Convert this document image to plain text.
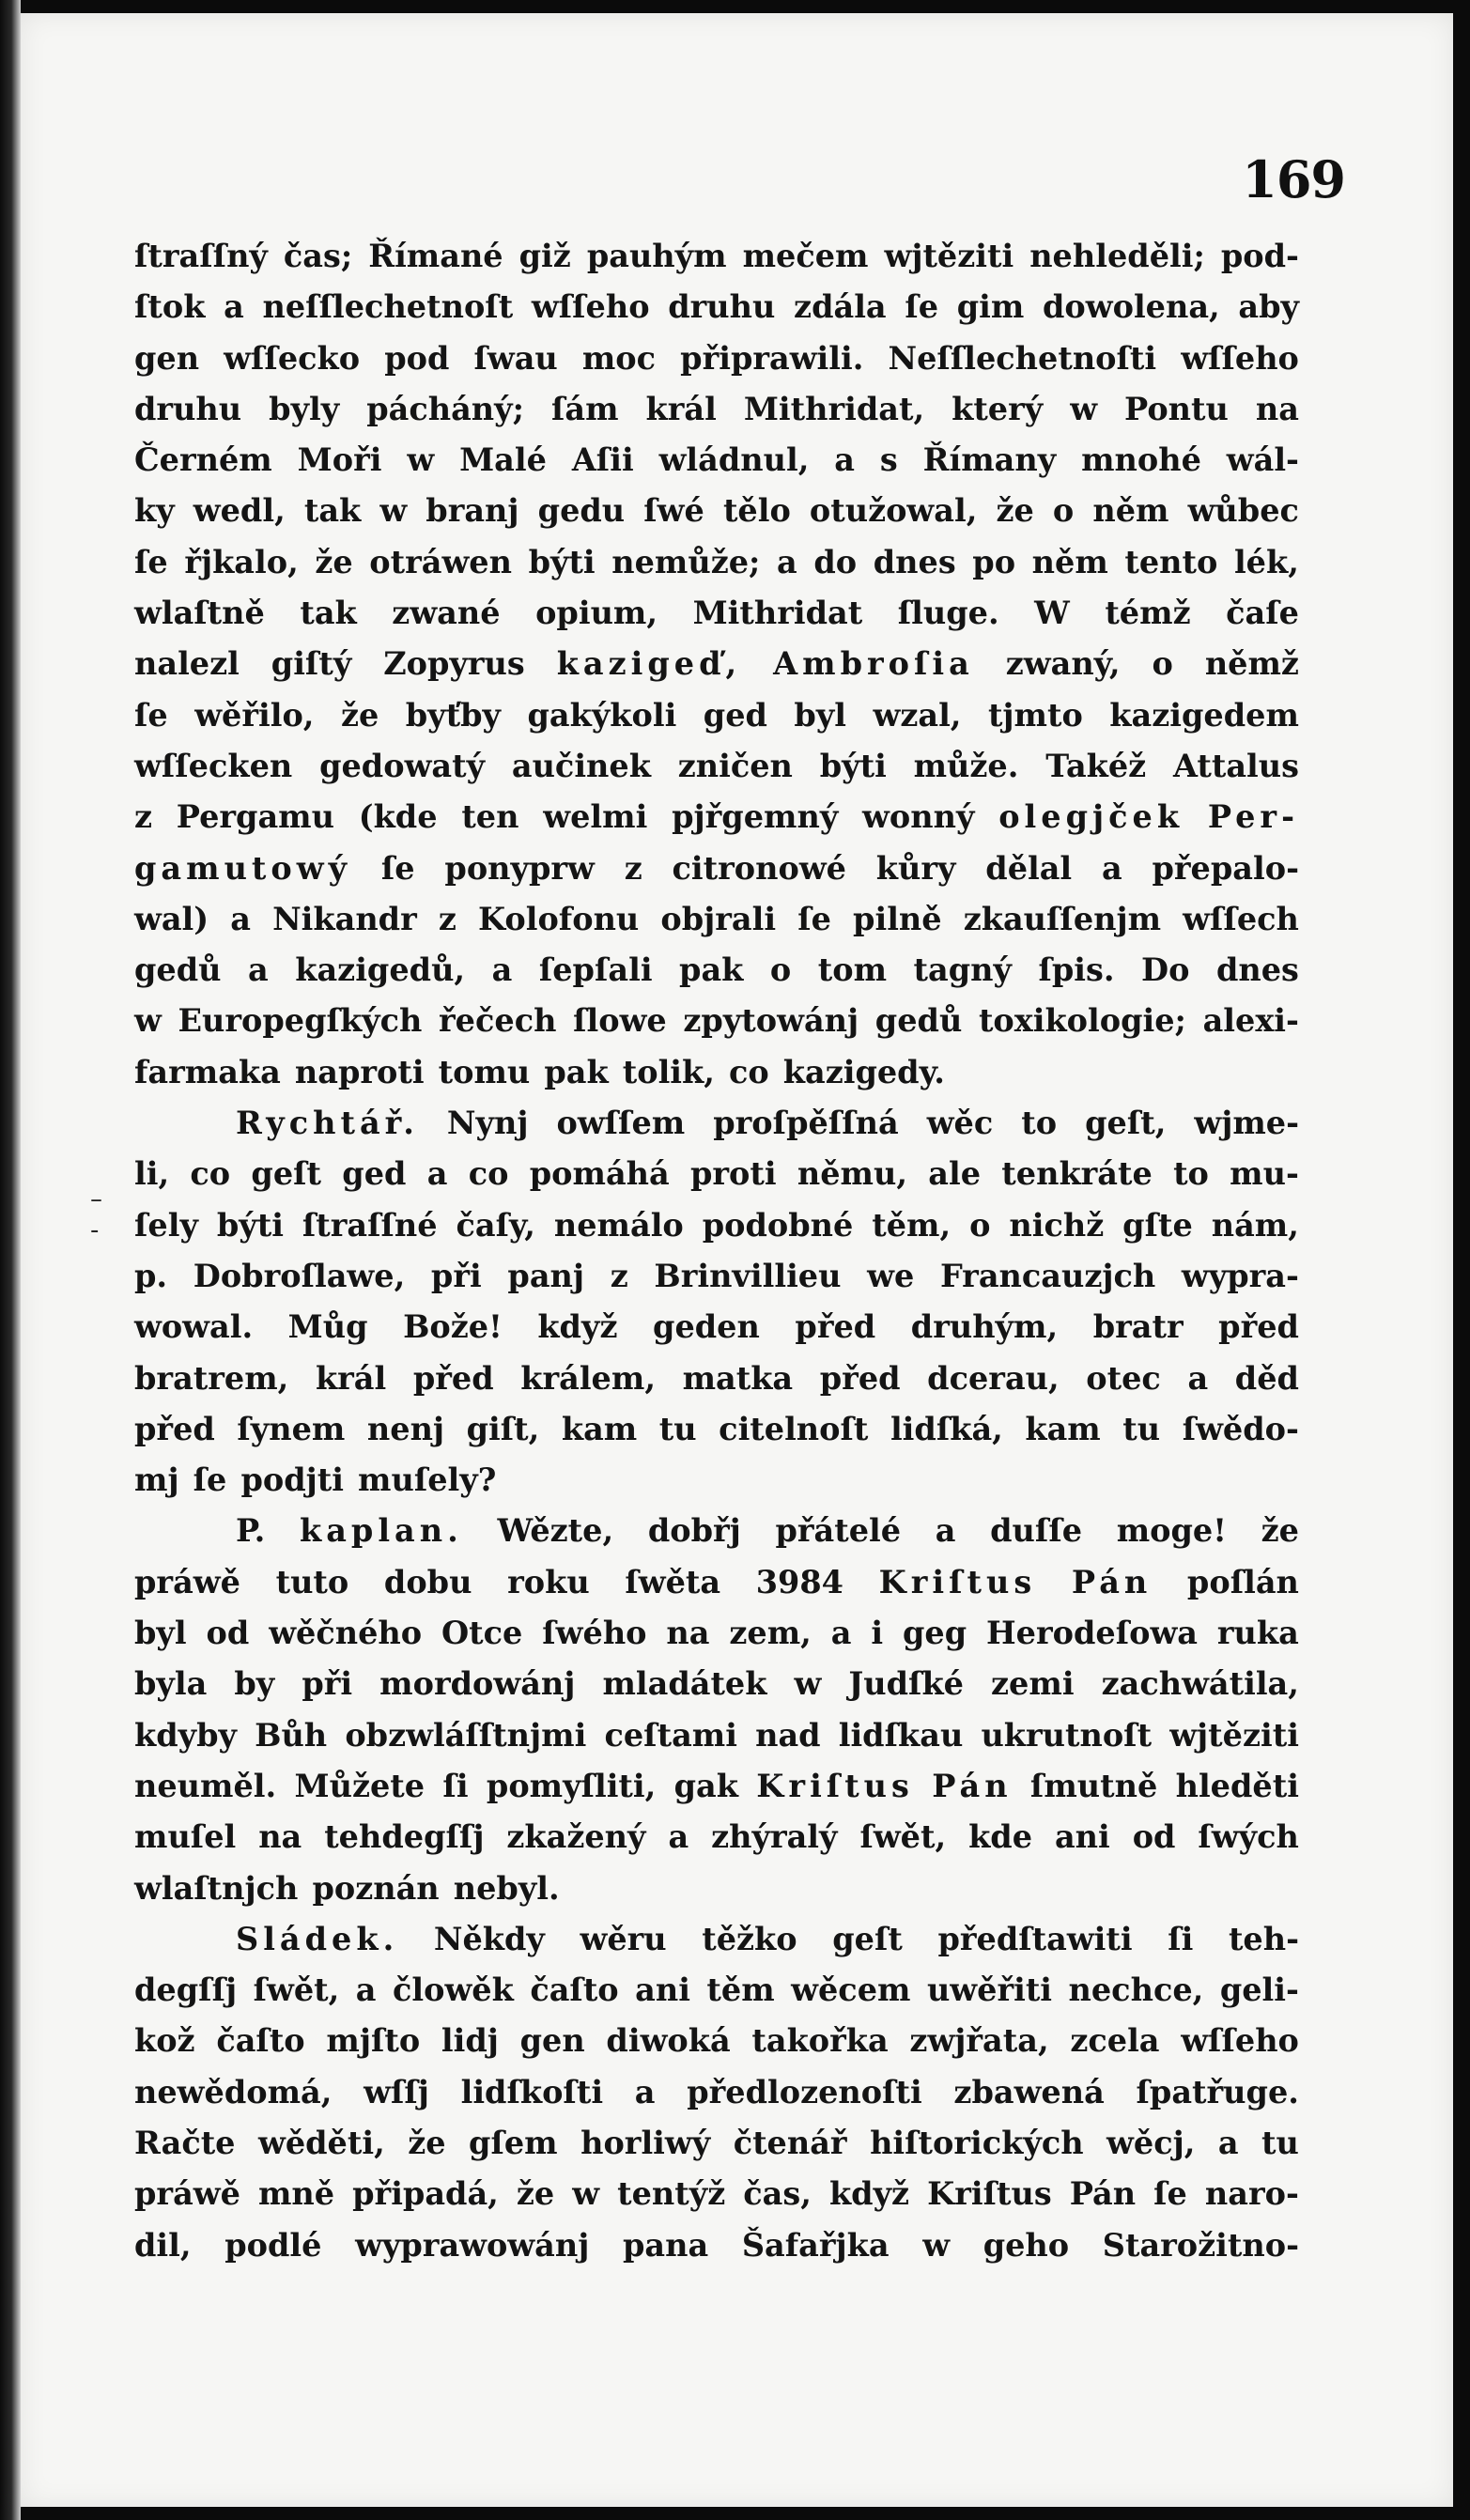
169
ſtraſſný čas; Římané giž pauhým mečem wjtěziti nehleděli; pod-
ſtok a neſſlechetnoſt wſſeho druhu zdála ſe gim dowolena, aby
gen wſſecko pod ſwau moc připrawili. Neſſlechetnoſti wſſeho
druhu byly pácháný; ſám král Mithridat, který w Pontu na
Černém Moři w Malé Aſii wládnul, a s Římany mnohé wál-
ky wedl, tak w branj gedu ſwé tělo otužowal, že o něm wůbec
ſe řjkalo, že otráwen býti nemůže; a do dnes po něm tento lék,
wlaſtně tak zwané opium, Mithridat ſluge. W témž čaſe
nalezl giſtý Zopyrus kazigeď, Ambroſia zwaný, o němž
ſe wěřilo, že byťby gakýkoli ged byl wzal, tjmto kazigedem
wſſecken gedowatý aučinek zničen býti může. Takéž Attalus
z Pergamu (kde ten welmi pjřgemný wonný olegjček Per-
gamutowý ſe ponyprw z citronowé kůry dělal a přepalo-
wal) a Nikandr z Kolofonu objrali ſe pilně zkauſſenjm wſſech
gedů a kazigedů, a ſepſali pak o tom tagný ſpis. Do dnes
w Europegſkých řečech ſlowe zpytowánj gedů toxikologie; alexi-
farmaka naproti tomu pak tolik, co kazigedy.
Rychtář. Nynj owſſem proſpěſſná wěc to geſt, wjme-
li, co geſt ged a co pomáhá proti němu, ale tenkráte to mu-
ſely býti ſtraſſné čaſy, nemálo podobné těm, o nichž gſte nám,
p. Dobroſlawe, při panj z Brinvillieu we Francauzjch wypra-
wowal. Můg Bože! když geden před druhým, bratr před
bratrem, král před králem, matka před dcerau, otec a děd
před ſynem nenj giſt, kam tu citelnoſt lidſká, kam tu ſwědo-
mj ſe podjti muſely?
P. kaplan. Wězte, dobřj přátelé a duſſe moge! že
práwě tuto dobu roku ſwěta 3984 Kriſtus Pán poſlán
byl od wěčného Otce ſwého na zem, a i geg Herodeſowa ruka
byla by při mordowánj mladátek w Judſké zemi zachwátila,
kdyby Bůh obzwláſſtnjmi ceſtami nad lidſkau ukrutnoſt wjtěziti
neuměl. Můžete ſi pomyſliti, gak Kriſtus Pán ſmutně hleděti
muſel na tehdegſſj zkažený a zhýralý ſwět, kde ani od ſwých
wlaſtnjch poznán nebyl.
Sládek. Někdy wěru těžko geſt předſtawiti ſi teh-
degſſj ſwět, a člowěk čaſto ani těm wěcem uwěřiti nechce, geli-
kož čaſto mjſto lidj gen diwoká takořka zwjřata, zcela wſſeho
newědomá, wſſj lidſkoſti a předlozenoſti zbawená ſpatřuge.
Račte wěděti, že gſem horliwý čtenář hiſtorických wěcj, a tu
práwě mně připadá, že w tentýž čas, když Kriſtus Pán ſe naro-
dil, podlé wyprawowánj pana Šafařjka w geho Starožitno-
–
-
